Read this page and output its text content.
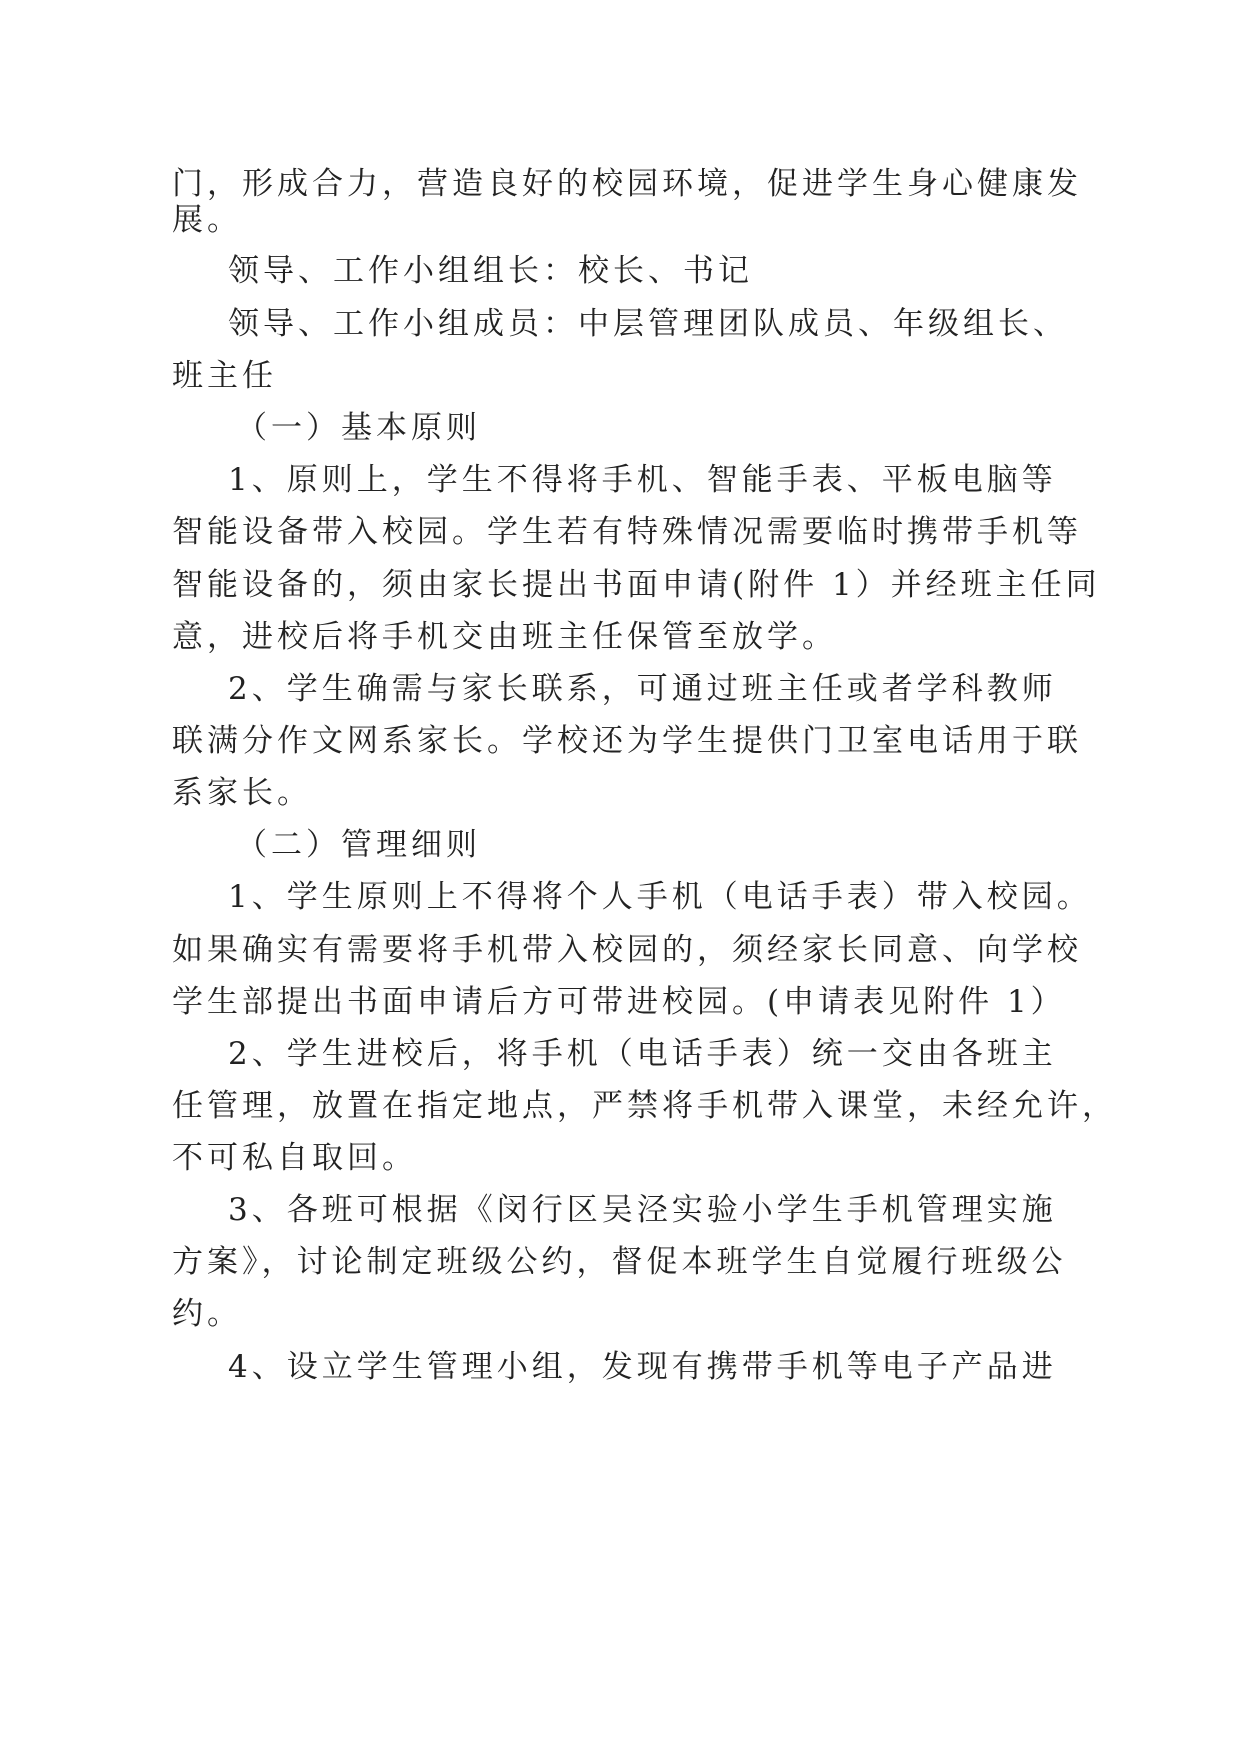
门，形成合力，营造良好的校园环境，促进学生身心健康发
展。
领导、工作小组组长：校长、书记
领导、工作小组成员：中层管理团队成员、年级组长、
班主任
（一）基本原则
1、原则上，学生不得将手机、智能手表、平板电脑等
智能设备带入校园。学生若有特殊情况需要临时携带手机等
智能设备的，须由家长提出书面申请(附件 1）并经班主任同
意，进校后将手机交由班主任保管至放学。
2、学生确需与家长联系，可通过班主任或者学科教师
联满分作文网系家长。学校还为学生提供门卫室电话用于联
系家长。
（二）管理细则
1、学生原则上不得将个人手机（电话手表）带入校园。
如果确实有需要将手机带入校园的，须经家长同意、向学校
学生部提出书面申请后方可带进校园。(申请表见附件 1）
2、学生进校后，将手机（电话手表）统一交由各班主
任管理，放置在指定地点，严禁将手机带入课堂，未经允许，
不可私自取回。
3、各班可根据《闵行区吴泾实验小学生手机管理实施
方案》，讨论制定班级公约，督促本班学生自觉履行班级公
约。
4、设立学生管理小组，发现有携带手机等电子产品进
